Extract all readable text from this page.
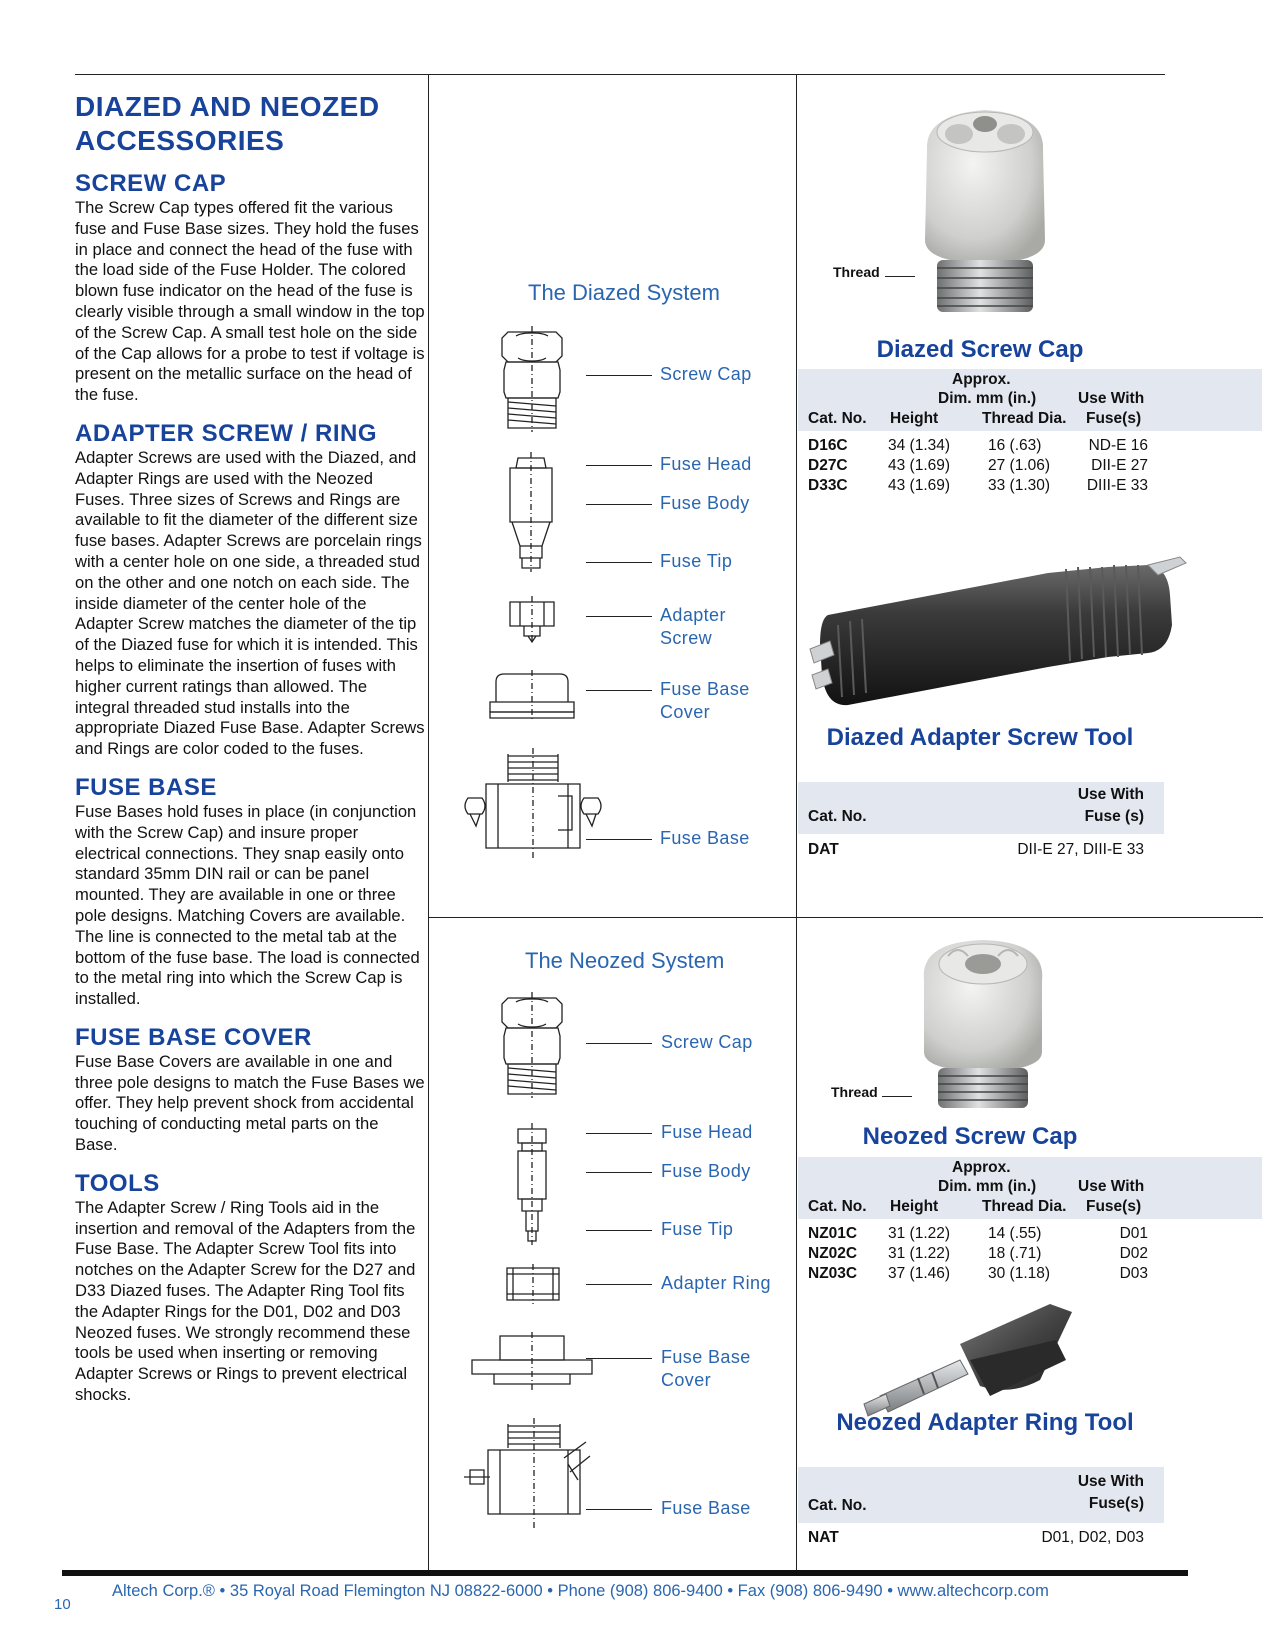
DIAZED AND NEOZED ACCESSORIES
SCREW CAP

The Screw Cap types offered fit the various fuse and Fuse Base sizes. They hold the fuses in place and connect the head of the fuse with the load side of the Fuse Holder. The colored blown fuse indicator on the head of the fuse is clearly visible through a small window in the top of the Screw Cap. A small test hole on the side of the Cap allows for a probe to test if voltage is present on the metallic surface on the head of the fuse.

ADAPTER SCREW / RING

Adapter Screws are used with the Diazed, and Adapter Rings are used with the Neozed Fuses. Three sizes of Screws and Rings are available to fit the diameter of the different size fuse bases. Adapter Screws are porcelain rings with a center hole on one side, a threaded stud on the other and one notch on each side. The inside diameter of the center hole of the Adapter Screw matches the diameter of the tip of the Diazed fuse for which it is intended. This helps to eliminate the insertion of fuses with higher current ratings than allowed. The integral threaded stud installs into the appropriate Diazed Fuse Base. Adapter Screws and Rings are color coded to the fuses.

FUSE BASE

Fuse Bases hold fuses in place (in conjunction with the Screw Cap) and insure proper electrical connections. They snap easily onto standard 35mm DIN rail or can be panel mounted. They are available in one or three pole designs. Matching Covers are available. The line is connected to the metal tab at the bottom of the fuse base. The load is connected to the metal ring into which the Screw Cap is installed.

FUSE BASE COVER

Fuse Base Covers are available in one and three pole designs to match the Fuse Bases we offer. They help prevent shock from accidental touching of conducting metal parts on the Base.

TOOLS

The Adapter Screw / Ring Tools aid in the insertion and removal of the Adapters from the Fuse Base. The Adapter Screw Tool fits into notches on the Adapter Screw for the D27 and D33 Diazed fuses. The Adapter Ring Tool fits the Adapter Rings for the D01, D02 and D03 Neozed fuses. We strongly recommend these tools be used when inserting or removing Adapter Screws or Rings to prevent electrical shocks.

The Diazed System
Screw Cap
Fuse Head
Fuse Body
Fuse Tip
Adapter Screw
Fuse Base Cover
Fuse Base
The Neozed System
Screw Cap
Fuse Head
Fuse Body
Fuse Tip
Adapter Ring
Fuse Base Cover
Fuse Base
Thread
Diazed Screw Cap
Approx.
Dim. mm (in.)	Use With
Cat. No. Height	Thread Dia. Fuse(s)
D16C	34 (1.34) 16 (.63)	ND-E 16
D27C	43 (1.69) 27 (1.06)	DII-E 27
D33C	43 (1.69) 33 (1.30) DIII-E 33
Diazed Adapter Screw Tool
Use With
Cat. No.	Fuse (s)
DAT	DII-E 27, DIII-E 33
Thread
Neozed Screw Cap
Approx.
Dim. mm (in.)	Use With
Cat. No. Height	Thread Dia. Fuse(s)
NZ01C 31 (1.22) 14 (.55)	D01
NZ02C 31 (1.22) 18 (.71)	D02
NZ03C 37 (1.46) 30 (1.18)	D03
Neozed Adapter Ring Tool
Use With
Cat. No.	Fuse(s)
NAT	D01, D02, D03
Altech Corp.® • 35 Royal Road Flemington NJ 08822-6000 • Phone (908) 806-9400 • Fax (908) 806-9490 • www.altechcorp.com
10
